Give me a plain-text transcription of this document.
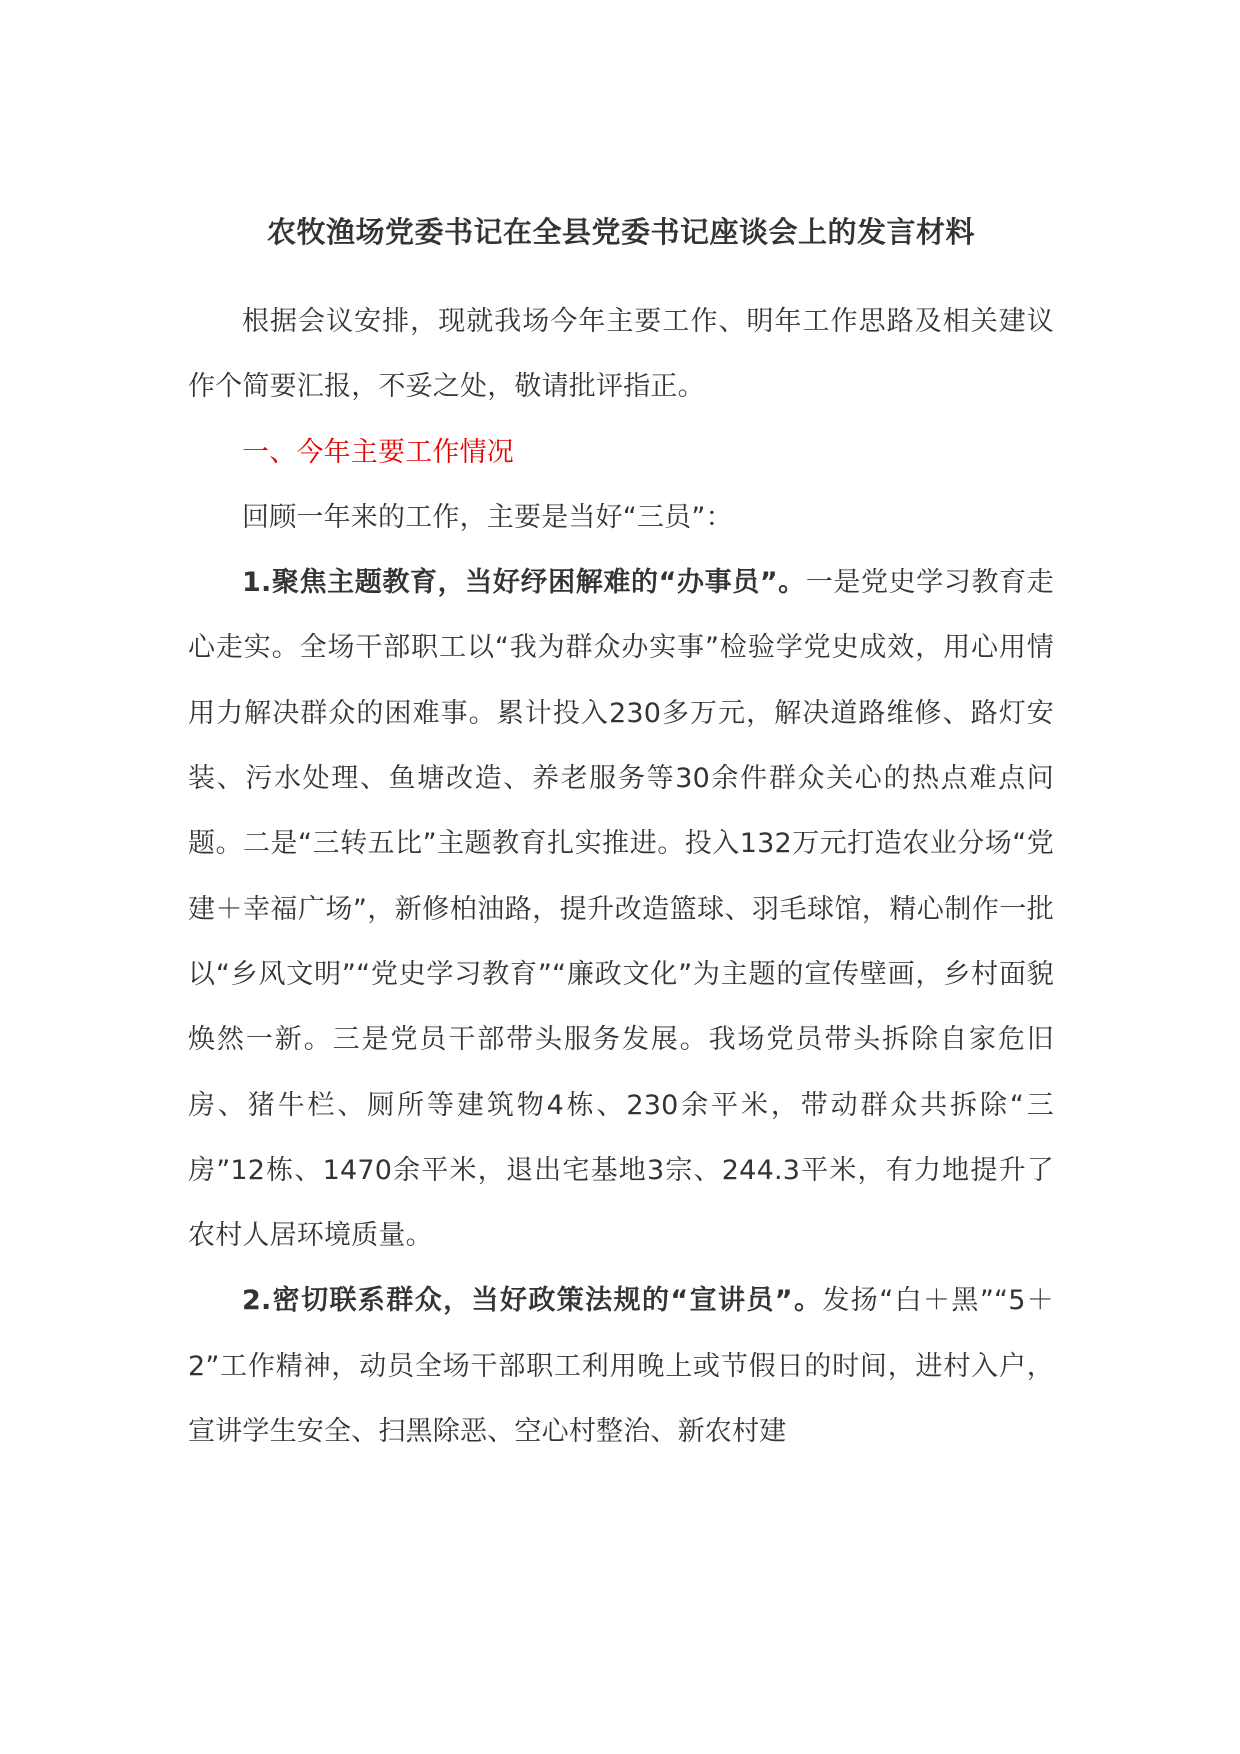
农牧渔场党委书记在全县党委书记座谈会上的发言材料

根据会议安排，现就我场今年主要工作、明年工作思路及相关建议作个简要汇报，不妥之处，敬请批评指正。

一、今年主要工作情况

回顾一年来的工作，主要是当好“三员”：

1.聚焦主题教育，当好纾困解难的“办事员”。一是党史学习教育走心走实。全场干部职工以“我为群众办实事”检验学党史成效，用心用情用力解决群众的困难事。累计投入230多万元，解决道路维修、路灯安装、污水处理、鱼塘改造、养老服务等30余件群众关心的热点难点问题。二是“三转五比”主题教育扎实推进。投入132万元打造农业分场“党建＋幸福广场”，新修柏油路，提升改造篮球、羽毛球馆，精心制作一批以“乡风文明”“党史学习教育”“廉政文化”为主题的宣传壁画，乡村面貌焕然一新。三是党员干部带头服务发展。我场党员带头拆除自家危旧房、猪牛栏、厕所等建筑物4栋、230余平米，带动群众共拆除“三房”12栋、1470余平米，退出宅基地3宗、244.3平米，有力地提升了农村人居环境质量。

2.密切联系群众，当好政策法规的“宣讲员”。发扬“白＋黑”“5＋2”工作精神，动员全场干部职工利用晚上或节假日的时间，进村入户，宣讲学生安全、扫黑除恶、空心村整治、新农村建
